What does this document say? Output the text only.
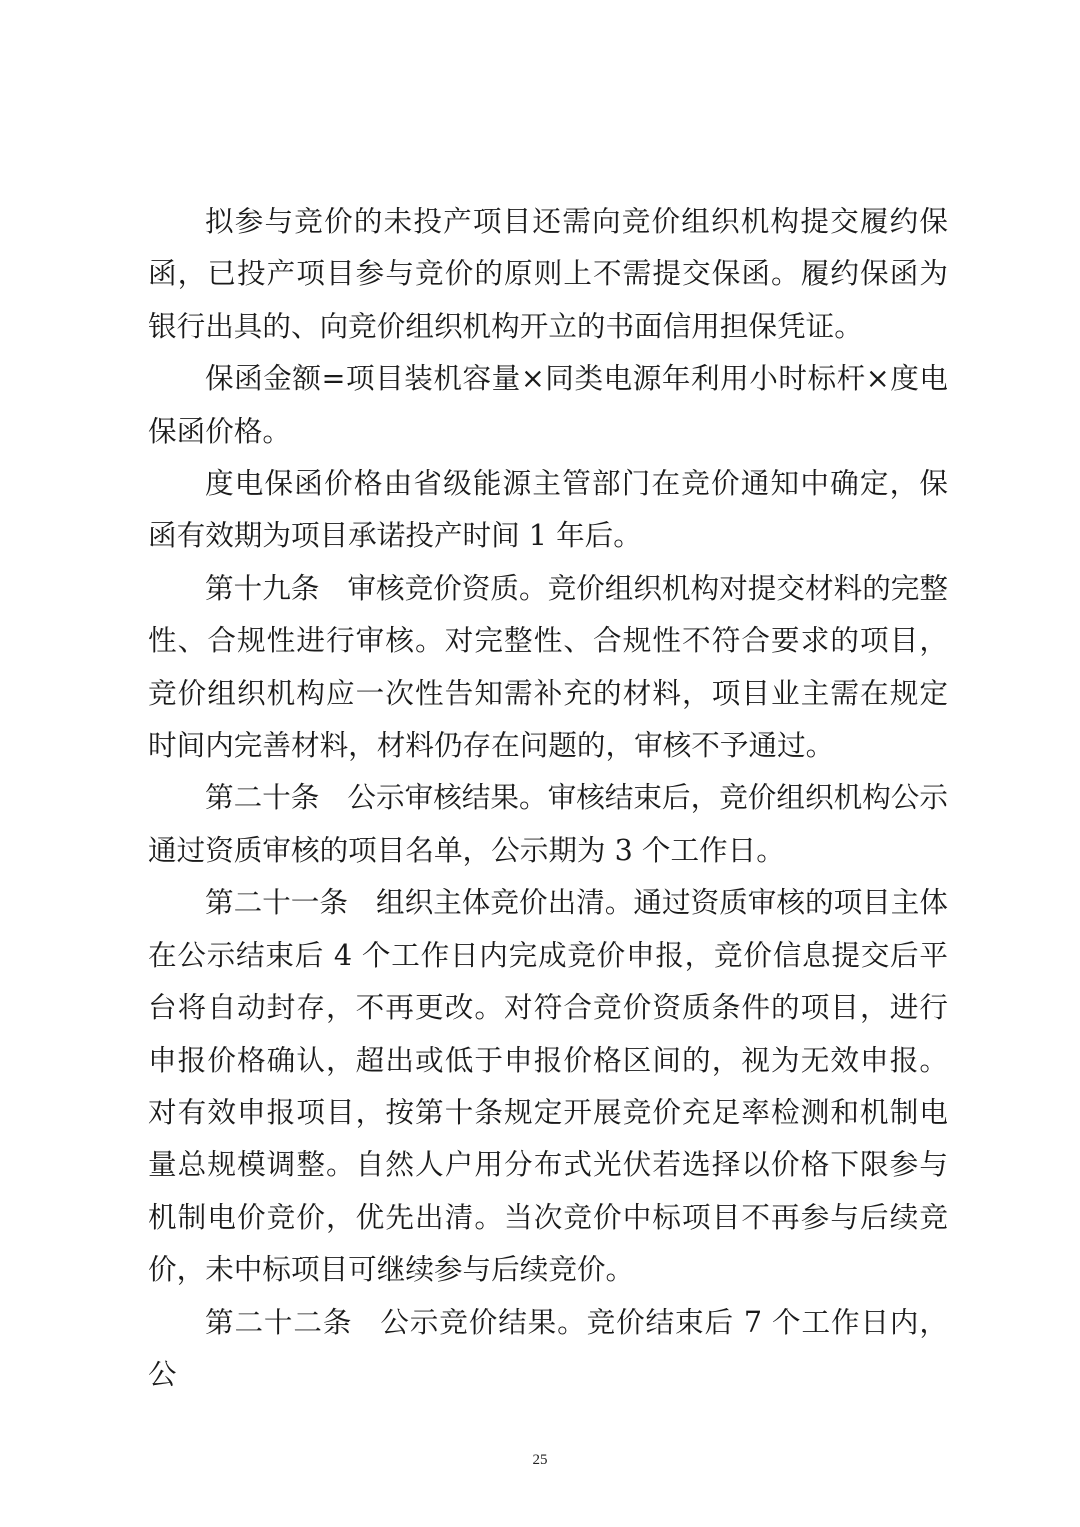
拟参与竞价的未投产项目还需向竞价组织机构提交履约保函，已投产项目参与竞价的原则上不需提交保函。履约保函为银行出具的、向竞价组织机构开立的书面信用担保凭证。

保函金额=项目装机容量×同类电源年利用小时标杆×度电保函价格。

度电保函价格由省级能源主管部门在竞价通知中确定，保函有效期为项目承诺投产时间 1 年后。

第十九条 审核竞价资质。竞价组织机构对提交材料的完整性、合规性进行审核。对完整性、合规性不符合要求的项目，竞价组织机构应一次性告知需补充的材料，项目业主需在规定时间内完善材料，材料仍存在问题的，审核不予通过。

第二十条 公示审核结果。审核结束后，竞价组织机构公示通过资质审核的项目名单，公示期为 3 个工作日。

第二十一条 组织主体竞价出清。通过资质审核的项目主体在公示结束后 4 个工作日内完成竞价申报，竞价信息提交后平台将自动封存，不再更改。对符合竞价资质条件的项目，进行申报价格确认，超出或低于申报价格区间的，视为无效申报。对有效申报项目，按第十条规定开展竞价充足率检测和机制电量总规模调整。自然人户用分布式光伏若选择以价格下限参与机制电价竞价，优先出清。当次竞价中标项目不再参与后续竞价，未中标项目可继续参与后续竞价。

第二十二条 公示竞价结果。竞价结束后 7 个工作日内，公

25
